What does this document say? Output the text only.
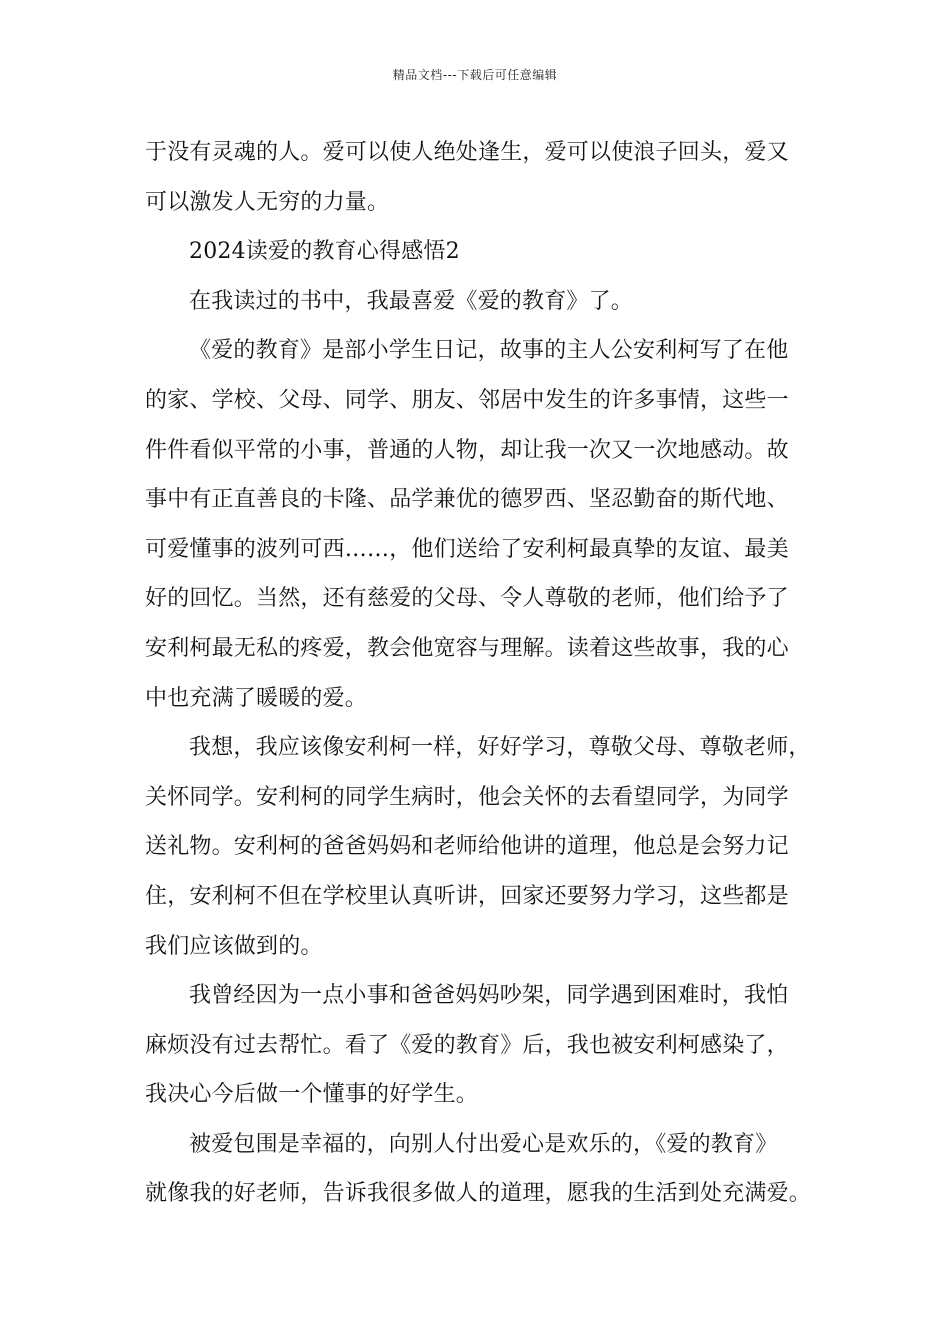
精品文档---下载后可任意编辑
于没有灵魂的人。爱可以使人绝处逢生，爱可以使浪子回头，爱又
可以激发人无穷的力量。
2024读爱的教育心得感悟2
在我读过的书中，我最喜爱《爱的教育》了。
《爱的教育》是部小学生日记，故事的主人公安利柯写了在他
的家、学校、父母、同学、朋友、邻居中发生的许多事情，这些一
件件看似平常的小事，普通的人物，却让我一次又一次地感动。故
事中有正直善良的卡隆、品学兼优的德罗西、坚忍勤奋的斯代地、
可爱懂事的波列可西……，他们送给了安利柯最真挚的友谊、最美
好的回忆。当然，还有慈爱的父母、令人尊敬的老师，他们给予了
安利柯最无私的疼爱，教会他宽容与理解。读着这些故事，我的心
中也充满了暖暖的爱。
我想，我应该像安利柯一样，好好学习，尊敬父母、尊敬老师，
关怀同学。安利柯的同学生病时，他会关怀的去看望同学，为同学
送礼物。安利柯的爸爸妈妈和老师给他讲的道理，他总是会努力记
住，安利柯不但在学校里认真听讲，回家还要努力学习，这些都是
我们应该做到的。
我曾经因为一点小事和爸爸妈妈吵架，同学遇到困难时，我怕
麻烦没有过去帮忙。看了《爱的教育》后，我也被安利柯感染了，
我决心今后做一个懂事的好学生。
被爱包围是幸福的，向别人付出爱心是欢乐的，《爱的教育》
就像我的好老师，告诉我很多做人的道理，愿我的生活到处充满爱。
